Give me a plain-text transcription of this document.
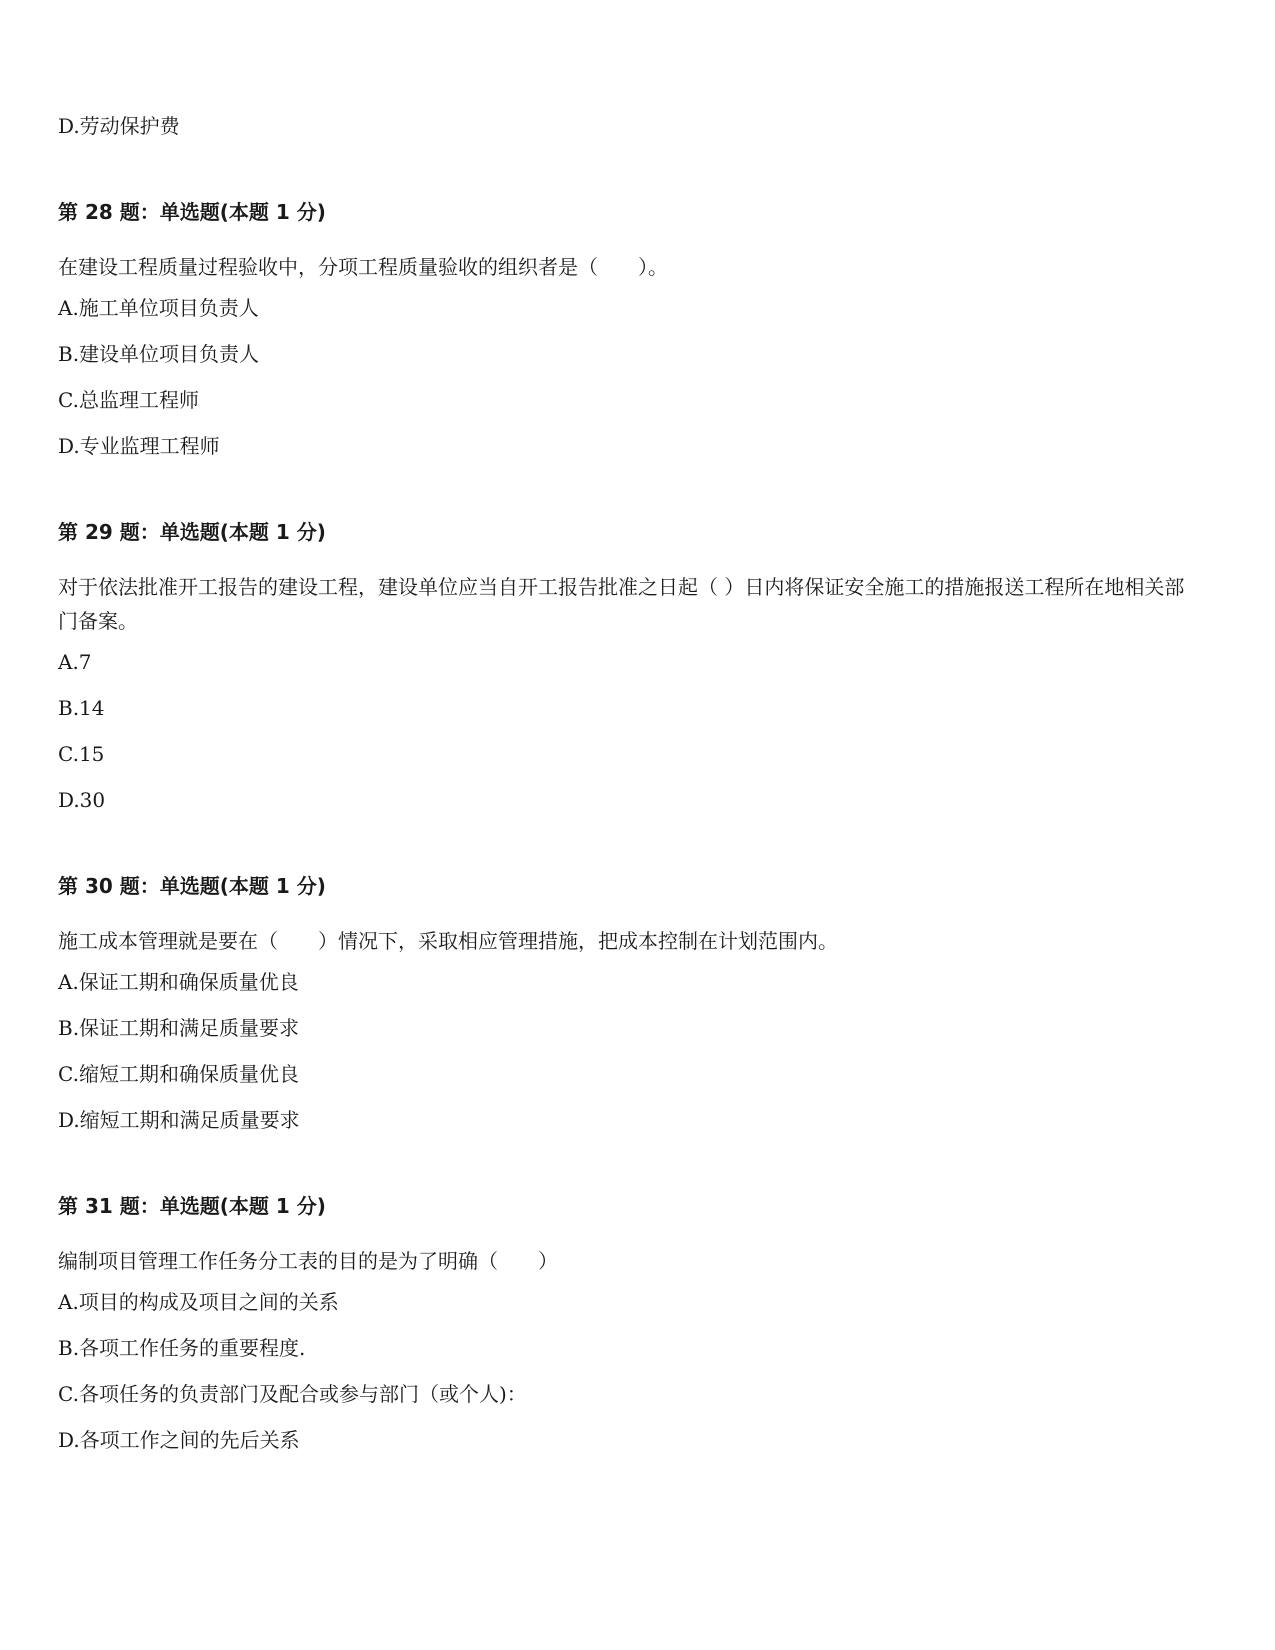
D.劳动保护费

第 28 题：单选题(本题 1 分)

在建设工程质量过程验收中，分项工程质量验收的组织者是（　　）。

A.施工单位项目负责人

B.建设单位项目负责人

C.总监理工程师

D.专业监理工程师

第 29 题：单选题(本题 1 分)

对于依法批准开工报告的建设工程，建设单位应当自开工报告批准之日起（ ）日内将保证安全施工的措施报送工程所在地相关部门备案。

A.7

B.14

C.15

D.30

第 30 题：单选题(本题 1 分)

施工成本管理就是要在（　　）情况下，采取相应管理措施，把成本控制在计划范围内。

A.保证工期和确保质量优良

B.保证工期和满足质量要求

C.缩短工期和确保质量优良

D.缩短工期和满足质量要求

第 31 题：单选题(本题 1 分)

编制项目管理工作任务分工表的目的是为了明确（　　）

A.项目的构成及项目之间的关系

B.各项工作任务的重要程度.

C.各项任务的负责部门及配合或参与部门（或个人)：

D.各项工作之间的先后关系
